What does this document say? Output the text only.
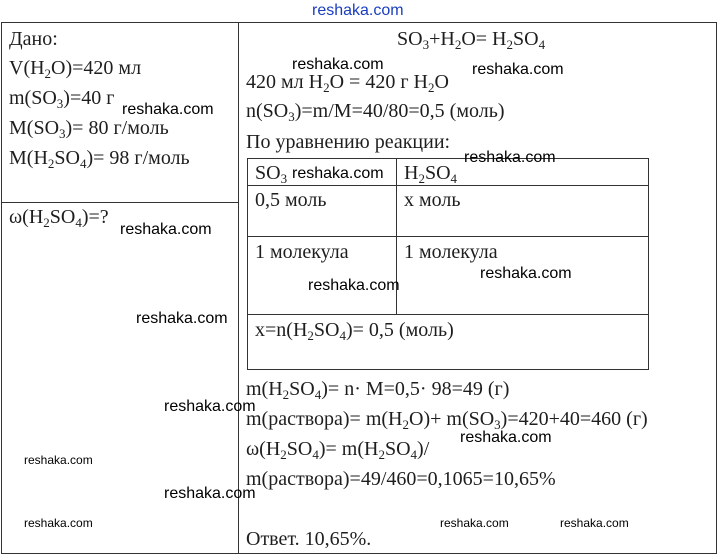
reshaka.com
Дано:
$V(H_2O)=420$ мл
$m(SO_3)=40$ г
$M(SO_3)= 80$ г/моль
$M(H_2SO_4)= 98$ г/моль
$\omega(H_2SO_4)=$?
$SO_3+H_2O= H_2SO_4$
420 мл $H_2O = 420$ г $H_2O$
$n(SO_3)=m/M=40/80=0,5$ (моль)
По уравнению реакции:
$SO_3$	$H_2SO_4$
0,5 моль	x моль
1 молекула	1 молекула
$x=n(H_2SO_4)= 0,5$ (моль)
$m(H_2SO_4)= n\cdot M=0,5\cdot 98=49$ (г)
m(раствора)= $m(H_2O)+ m(SO_3)=420+40=460$ (г)
$\omega(H_2SO_4)= m(H_2SO_4)/$
m(раствора)=49/460=0,1065=10,65%
Ответ. 10,65%.
reshaka.com	reshaka.com
reshaka.com
reshaka.com
reshaka.com
reshaka.com
reshaka.com
reshaka.com
reshaka.com
reshaka.com
reshaka.com
reshaka.com
reshaka.com
reshaka.com	reshaka.com	reshaka.com
